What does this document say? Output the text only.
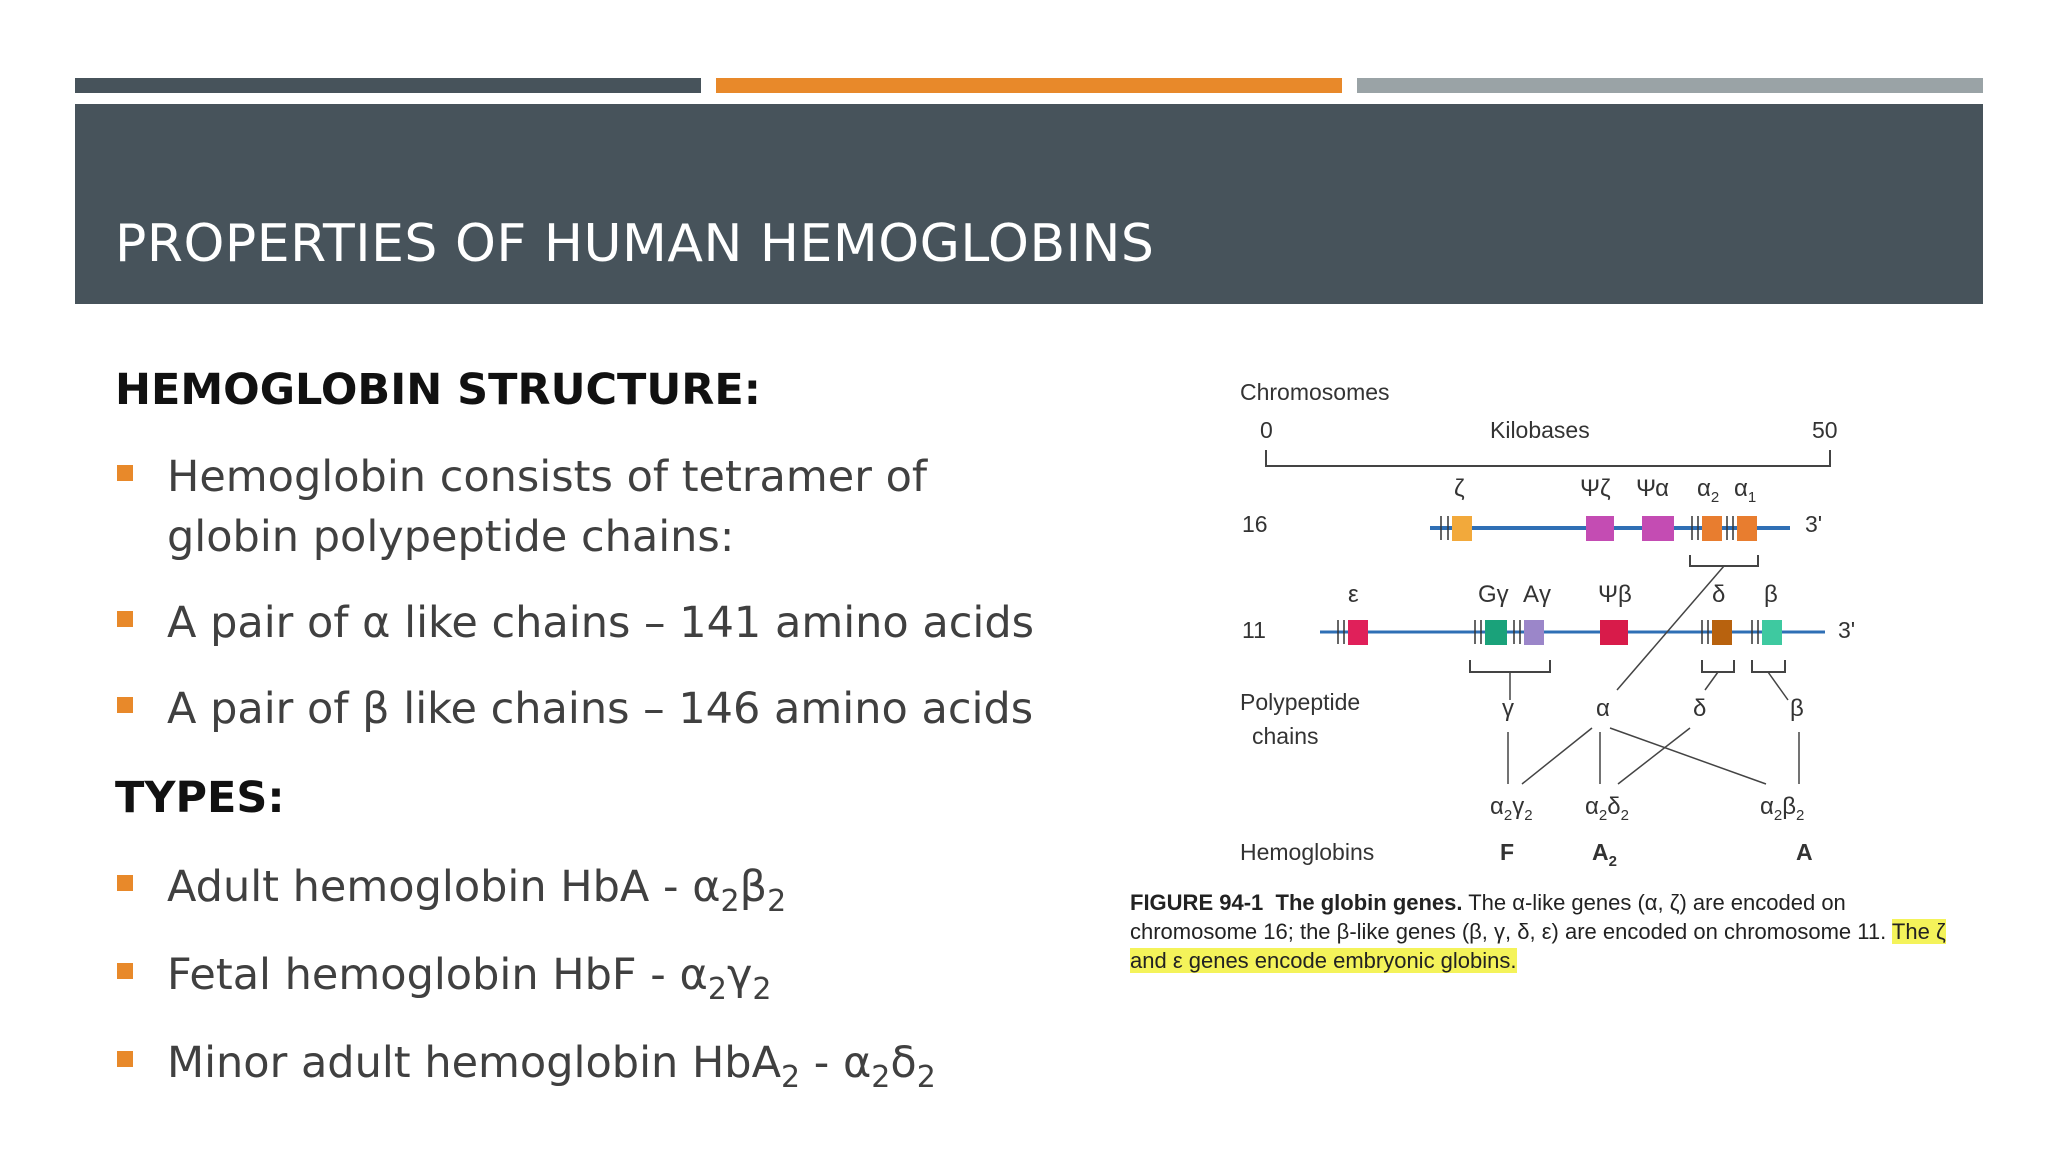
PROPERTIES OF HUMAN HEMOGLOBINS
HEMOGLOBIN STRUCTURE:
Hemoglobin consists of tetramer of
globin polypeptide chains:
A pair of α like chains – 141 amino acids
A pair of β like chains – 146 amino acids
TYPES:
Adult hemoglobin HbA - $\alpha_2\beta_2$
Fetal hemoglobin HbF - $\alpha_2\gamma_2$
Minor adult hemoglobin $HbA_2 - \alpha_2\delta_2$
Chromosomes
0	Kilobases	50
16	3'
ζ	Ψζ Ψα $\alpha_2$ $\alpha_1$
11	3'
ε	Gγ Aγ Ψβ	δ β
Polypeptide
chains
γ	α	δ	β
$\alpha_2\gamma_2$ $\alpha_2\delta_2$	$\alpha_2\beta_2$
Hemoglobins	F	$A_2$	A
FIGURE 94-1 The globin genes. The α-like genes (α, ζ) are encoded on chromosome 16; the β-like genes (β, γ, δ, ε) are encoded on chromosome 11. The ζ and ε genes encode embryonic globins.
